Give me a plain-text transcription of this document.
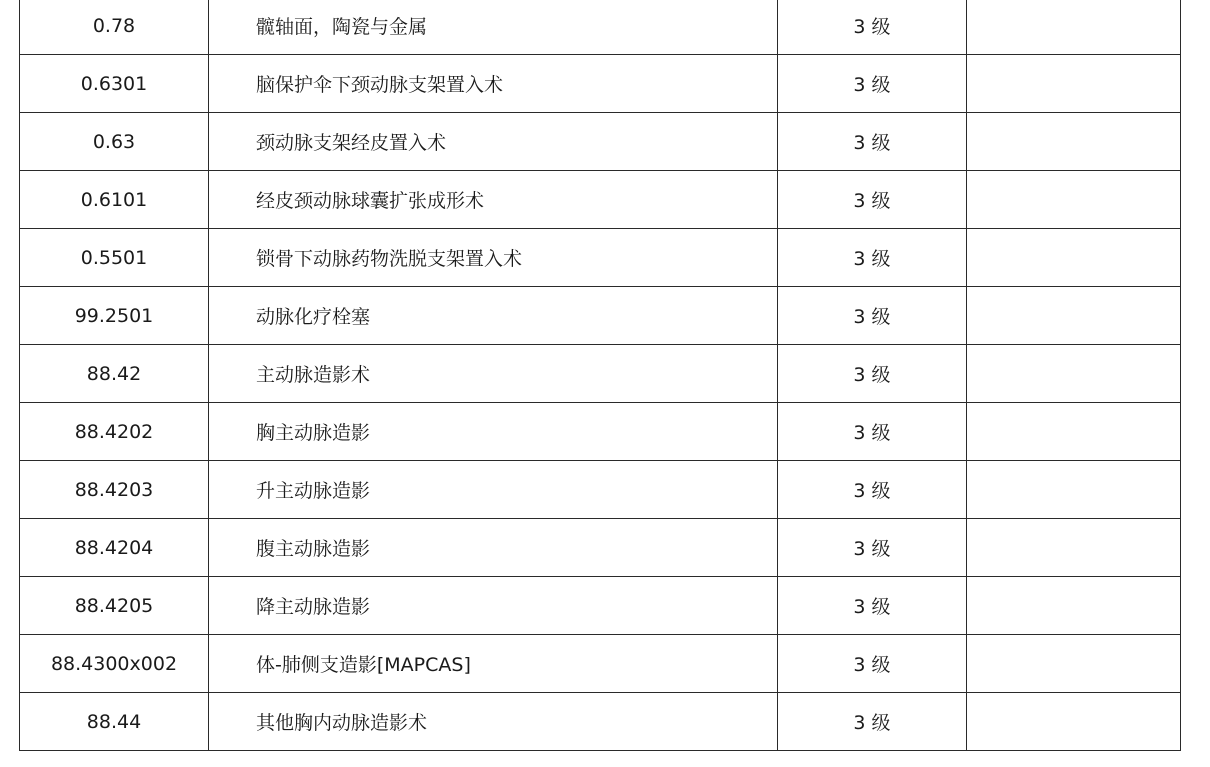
0.78	髋轴面，陶瓷与金属	3 级	
0.6301	脑保护伞下颈动脉支架置入术	3 级	
0.63	颈动脉支架经皮置入术	3 级	
0.6101	经皮颈动脉球囊扩张成形术	3 级	
0.5501	锁骨下动脉药物洗脱支架置入术	3 级	
99.2501	动脉化疗栓塞	3 级	
88.42	主动脉造影术	3 级	
88.4202	胸主动脉造影	3 级	
88.4203	升主动脉造影	3 级	
88.4204	腹主动脉造影	3 级	
88.4205	降主动脉造影	3 级	
88.4300x002	体-肺侧支造影[MAPCAS]	3 级	
88.44	其他胸内动脉造影术	3 级	
